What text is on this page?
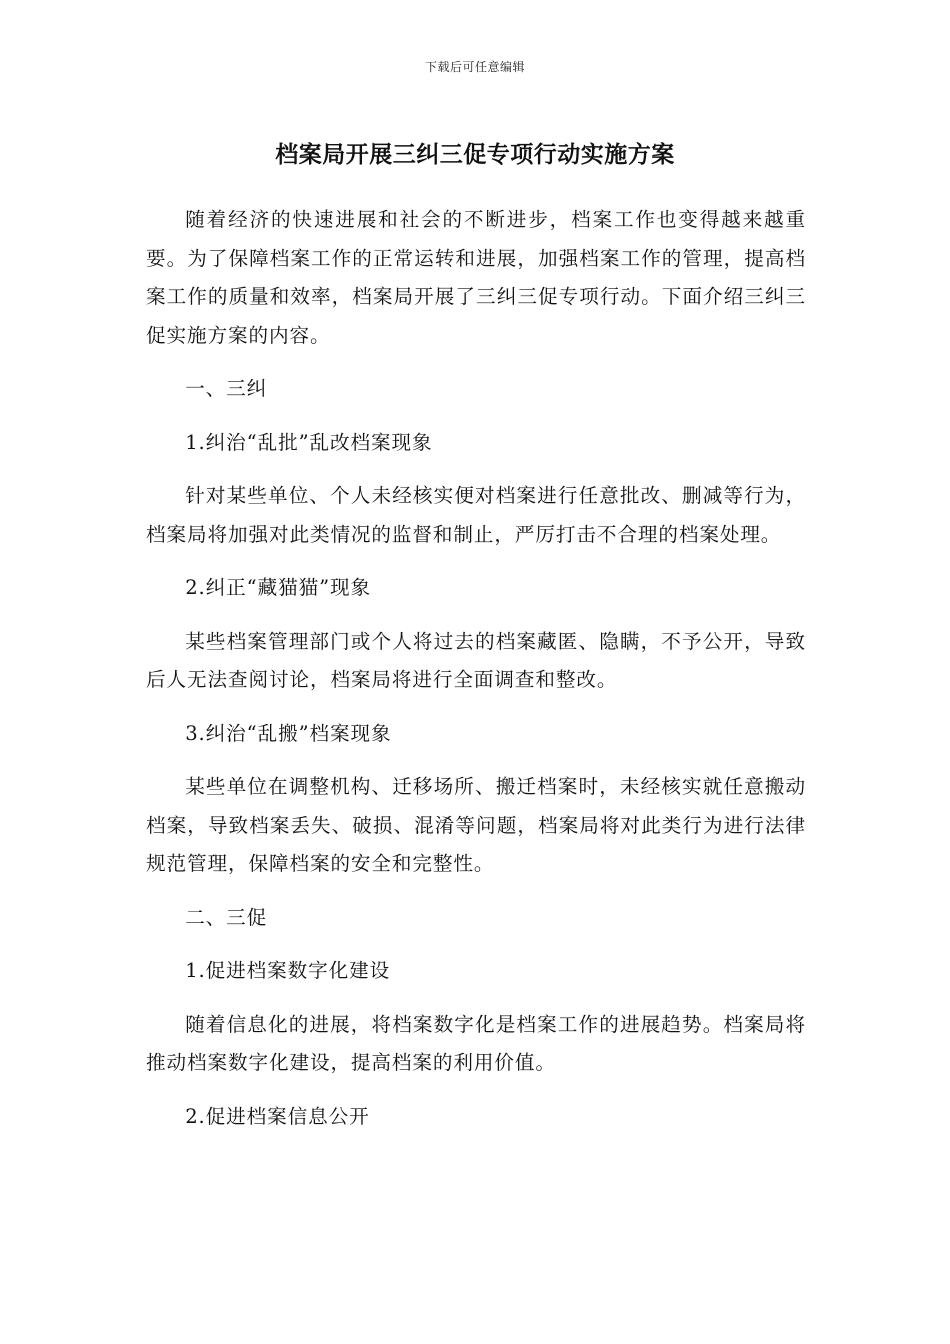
下载后可任意编辑
档案局开展三纠三促专项行动实施方案

随着经济的快速进展和社会的不断进步，档案工作也变得越来越重要。为了保障档案工作的正常运转和进展，加强档案工作的管理，提高档案工作的质量和效率，档案局开展了三纠三促专项行动。下面介绍三纠三促实施方案的内容。

一、三纠

1.纠治“乱批”乱改档案现象

针对某些单位、个人未经核实便对档案进行任意批改、删减等行为，档案局将加强对此类情况的监督和制止，严厉打击不合理的档案处理。

2.纠正“藏猫猫”现象

某些档案管理部门或个人将过去的档案藏匿、隐瞒，不予公开，导致后人无法查阅讨论，档案局将进行全面调查和整改。

3.纠治“乱搬”档案现象

某些单位在调整机构、迁移场所、搬迁档案时，未经核实就任意搬动档案，导致档案丢失、破损、混淆等问题，档案局将对此类行为进行法律规范管理，保障档案的安全和完整性。

二、三促

1.促进档案数字化建设

随着信息化的进展，将档案数字化是档案工作的进展趋势。档案局将推动档案数字化建设，提高档案的利用价值。

2.促进档案信息公开
